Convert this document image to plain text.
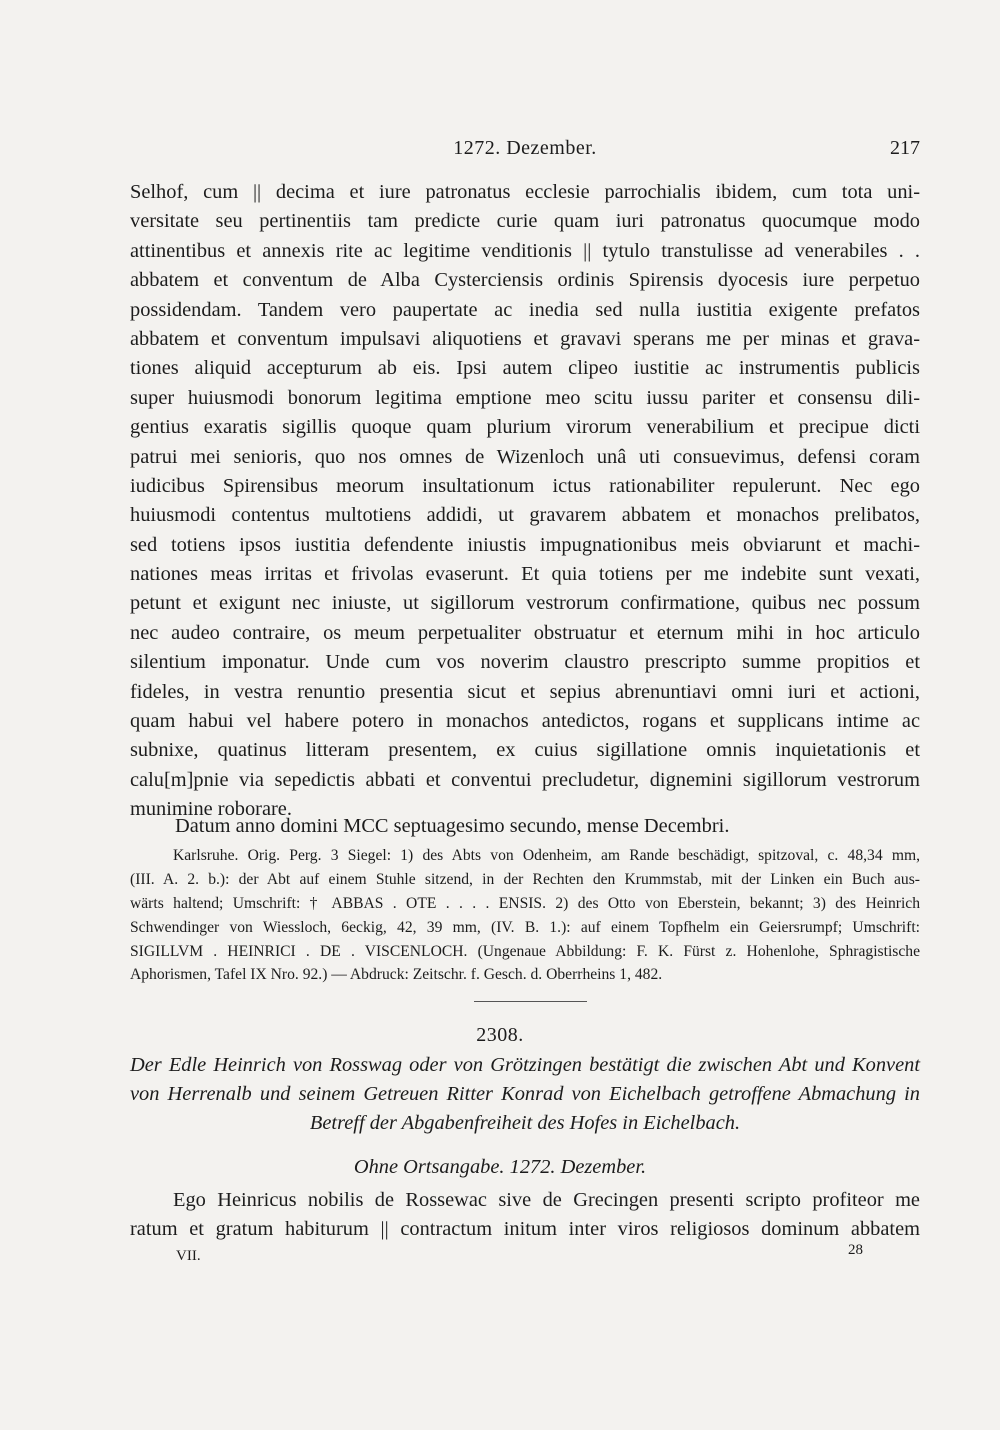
1272. Dezember.	217
Selhof, cum || decima et iure patronatus ecclesie parrochialis ibidem, cum tota uni-
versitate seu pertinentiis tam predicte curie quam iuri patronatus quocumque modo
attinentibus et annexis rite ac legitime venditionis || tytulo transtulisse ad venerabiles . .
abbatem et conventum de Alba Cysterciensis ordinis Spirensis dyocesis iure perpetuo
possidendam. Tandem vero paupertate ac inedia sed nulla iustitia exigente prefatos
abbatem et conventum impulsavi aliquotiens et gravavi sperans me per minas et grava-
tiones aliquid accepturum ab eis. Ipsi autem clipeo iustitie ac instrumentis publicis
super huiusmodi bonorum legitima emptione meo scitu iussu pariter et consensu dili-
gentius exaratis sigillis quoque quam plurium virorum venerabilium et precipue dicti
patrui mei senioris, quo nos omnes de Wizenloch unâ uti consuevimus, defensi coram
iudicibus Spirensibus meorum insultationum ictus rationabiliter repulerunt. Nec ego
huiusmodi contentus multotiens addidi, ut gravarem abbatem et monachos prelibatos,
sed totiens ipsos iustitia defendente iniustis impugnationibus meis obviarunt et machi-
nationes meas irritas et frivolas evaserunt. Et quia totiens per me indebite sunt vexati,
petunt et exigunt nec iniuste, ut sigillorum vestrorum confirmatione, quibus nec possum
nec audeo contraire, os meum perpetualiter obstruatur et eternum mihi in hoc articulo
silentium imponatur. Unde cum vos noverim claustro prescripto summe propitios et
fideles, in vestra renuntio presentia sicut et sepius abrenuntiavi omni iuri et actioni,
quam habui vel habere potero in monachos antedictos, rogans et supplicans intime ac
subnixe, quatinus litteram presentem, ex cuius sigillatione omnis inquietationis et
calu[m]pnie via sepedictis abbati et conventui precludetur, dignemini sigillorum vestrorum
munimine roborare.
Datum anno domini MCC septuagesimo secundo, mense Decembri.
Karlsruhe. Orig. Perg. 3 Siegel: 1) des Abts von Odenheim, am Rande beschädigt, spitzoval, c. 48,34 mm,
(III. A. 2. b.): der Abt auf einem Stuhle sitzend, in der Rechten den Krummstab, mit der Linken ein Buch aus-
wärts haltend; Umschrift: † ABBAS . OTE . . . . ENSIS. 2) des Otto von Eberstein, bekannt; 3) des Heinrich
Schwendinger von Wiessloch, 6eckig, 42, 39 mm, (IV. B. 1.): auf einem Topfhelm ein Geiersrumpf; Umschrift:
SIGILLVM . HEINRICI . DE . VISCENLOCH. (Ungenaue Abbildung: F. K. Fürst z. Hohenlohe, Sphragistische
Aphorismen, Tafel IX Nro. 92.) — Abdruck: Zeitschr. f. Gesch. d. Oberrheins 1, 482.
2308.
Der Edle Heinrich von Rosswag oder von Grötzingen bestätigt die zwischen Abt und Konvent
von Herrenalb und seinem Getreuen Ritter Konrad von Eichelbach getroffene Abmachung in
Betreff der Abgabenfreiheit des Hofes in Eichelbach.
Ohne Ortsangabe. 1272. Dezember.
Ego Heinricus nobilis de Rossewac sive de Grecingen presenti scripto profiteor me
ratum et gratum habiturum || contractum initum inter viros religiosos dominum abbatem
VII.	28
